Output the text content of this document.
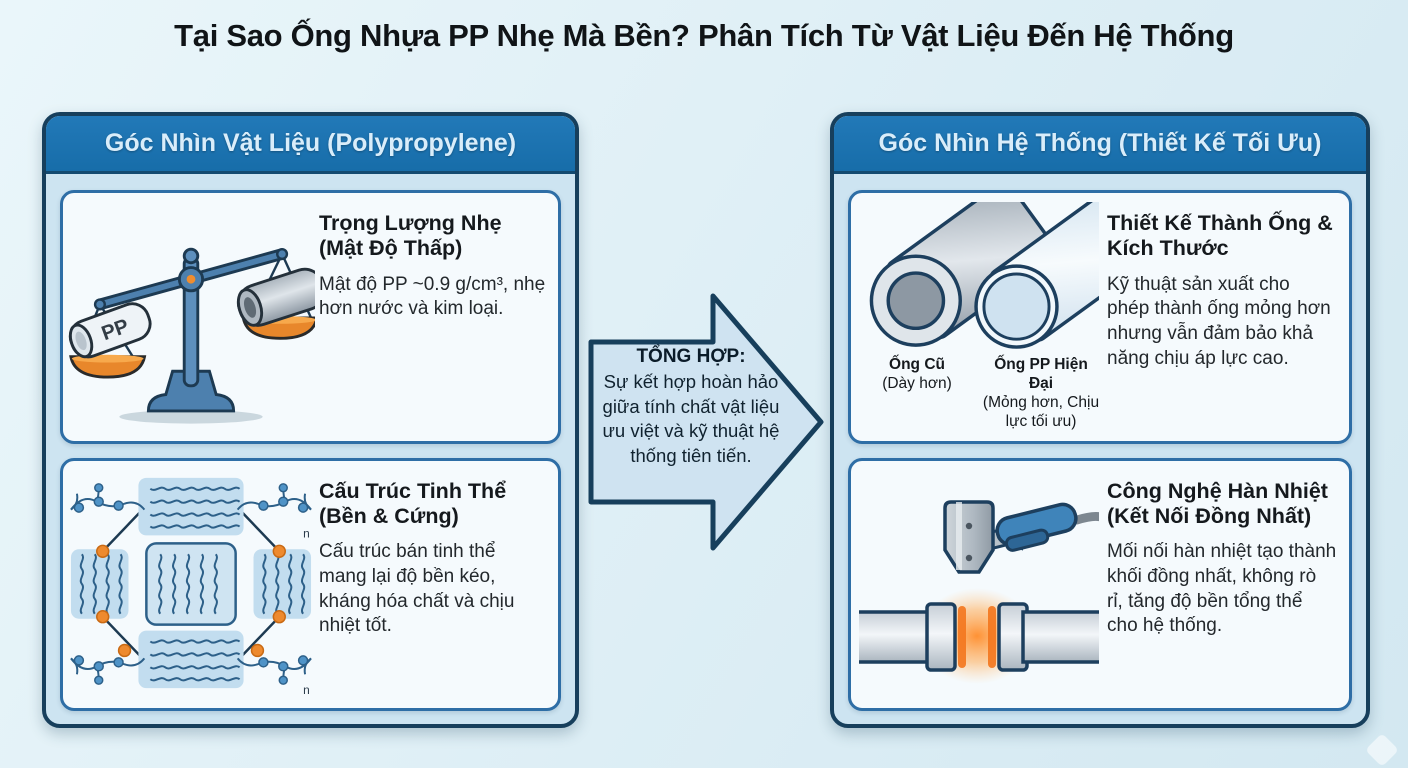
Tại Sao Ống Nhựa PP Nhẹ Mà Bền? Phân Tích Từ Vật Liệu Đến Hệ Thống
Góc Nhìn Vật Liệu (Polypropylene)
PP
Trọng Lượng Nhẹ (Mật Độ Thấp)

Mật độ PP ~0.9 g/cm³, nhẹ hơn nước và kim loại.

n
n
Cấu Trúc Tinh Thể (Bền & Cứng)

Cấu trúc bán tinh thể mang lại độ bền kéo, kháng hóa chất và chịu nhiệt tốt.

TỔNG HỢP:
Sự kết hợp hoàn hảo giữa tính chất vật liệu ưu việt và kỹ thuật hệ thống tiên tiến.
Góc Nhìn Hệ Thống (Thiết Kế Tối Ưu)
Ống Cũ
(Dày hơn)
Ống PP Hiện Đại
(Mỏng hơn, Chịu lực tối ưu)
Thiết Kế Thành Ống & Kích Thước

Kỹ thuật sản xuất cho phép thành ống mỏng hơn nhưng vẫn đảm bảo khả năng chịu áp lực cao.

Công Nghệ Hàn Nhiệt (Kết Nối Đồng Nhất)

Mối nối hàn nhiệt tạo thành khối đồng nhất, không rò rỉ, tăng độ bền tổng thể cho hệ thống.
